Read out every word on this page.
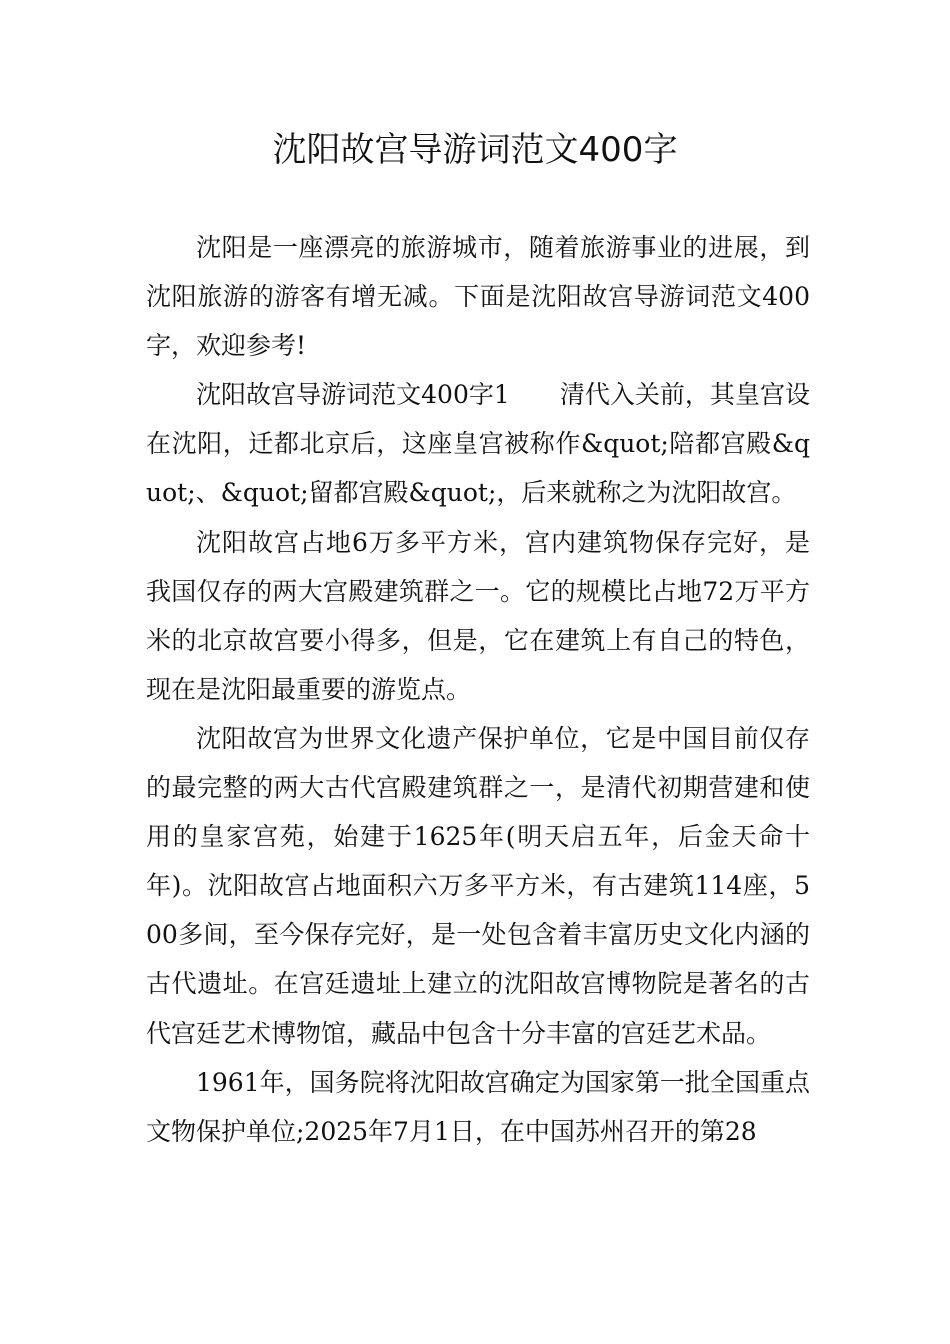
沈阳故宫导游词范文400字

沈阳是一座漂亮的旅游城市，随着旅游事业的进展，到沈阳旅游的游客有增无减。下面是沈阳故宫导游词范文400字，欢迎参考!

沈阳故宫导游词范文400字1　　清代入关前，其皇宫设在沈阳，迁都北京后，这座皇宫被称作&quot;陪都宫殿&quot;、&quot;留都宫殿&quot;，后来就称之为沈阳故宫。

沈阳故宫占地6万多平方米，宫内建筑物保存完好，是我国仅存的两大宫殿建筑群之一。它的规模比占地72万平方米的北京故宫要小得多，但是，它在建筑上有自己的特色，现在是沈阳最重要的游览点。

沈阳故宫为世界文化遗产保护单位，它是中国目前仅存的最完整的两大古代宫殿建筑群之一，是清代初期营建和使用的皇家宫苑，始建于1625年(明天启五年，后金天命十年)。沈阳故宫占地面积六万多平方米，有古建筑114座，500多间，至今保存完好，是一处包含着丰富历史文化内涵的古代遗址。在宫廷遗址上建立的沈阳故宫博物院是著名的古代宫廷艺术博物馆，藏品中包含十分丰富的宫廷艺术品。

1961年，国务院将沈阳故宫确定为国家第一批全国重点文物保护单位;2025年7月1日，在中国苏州召开的第28
